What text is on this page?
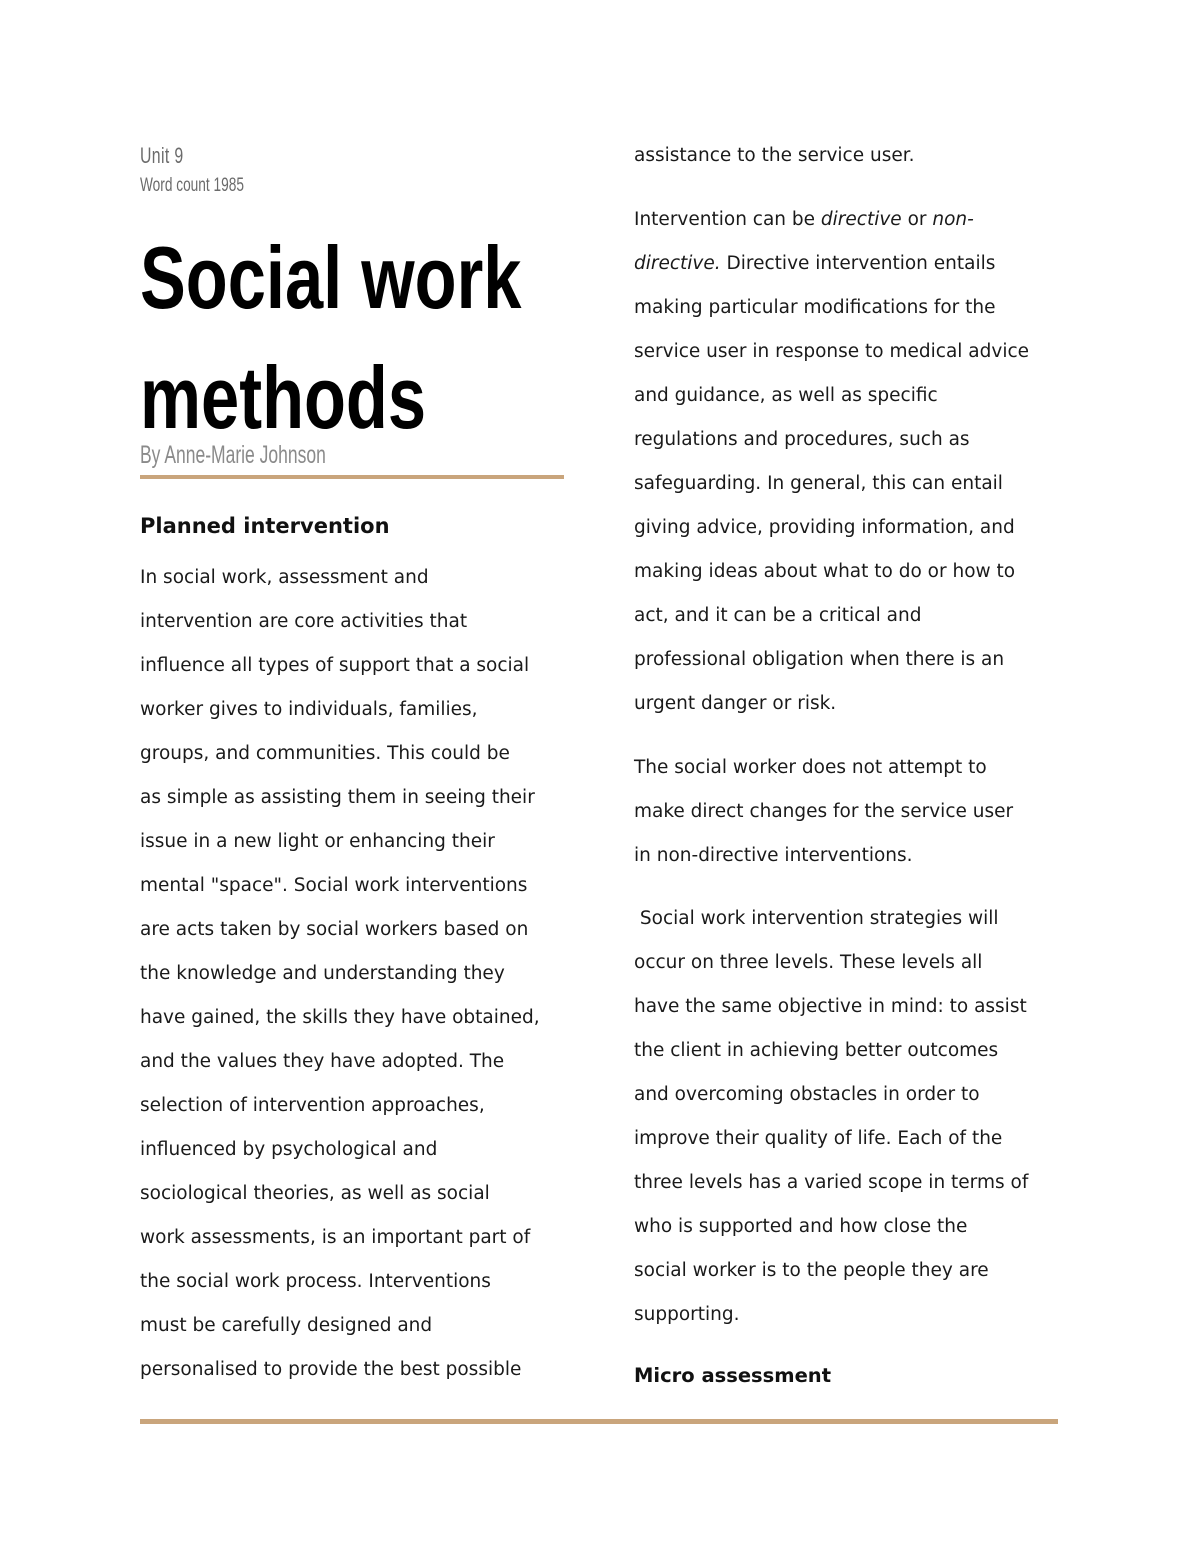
Unit 9
Word count 1985
Social work
methods
By Anne-Marie Johnson
Planned intervention

In social work, assessment and
intervention are core activities that
influence all types of support that a social
worker gives to individuals, families,
groups, and communities. This could be
as simple as assisting them in seeing their
issue in a new light or enhancing their
mental "space". Social work interventions
are acts taken by social workers based on
the knowledge and understanding they
have gained, the skills they have obtained,
and the values they have adopted. The
selection of intervention approaches,
influenced by psychological and
sociological theories, as well as social
work assessments, is an important part of
the social work process. Interventions
must be carefully designed and
personalised to provide the best possible

assistance to the service user.

Intervention can be directive or non-
directive. Directive intervention entails
making particular modifications for the
service user in response to medical advice
and guidance, as well as specific
regulations and procedures, such as
safeguarding. In general, this can entail
giving advice, providing information, and
making ideas about what to do or how to
act, and it can be a critical and
professional obligation when there is an
urgent danger or risk.

The social worker does not attempt to
make direct changes for the service user
in non-directive interventions.

Social work intervention strategies will
occur on three levels. These levels all
have the same objective in mind: to assist
the client in achieving better outcomes
and overcoming obstacles in order to
improve their quality of life. Each of the
three levels has a varied scope in terms of
who is supported and how close the
social worker is to the people they are
supporting.

Micro assessment
